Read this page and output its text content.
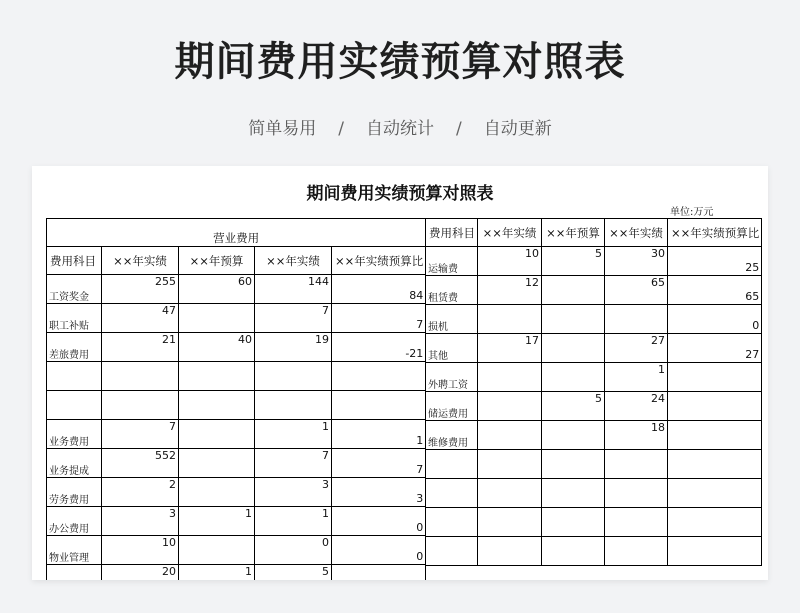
期间费用实绩预算对照表
简单易用 / 自动统计 / 自动更新
期间费用实绩预算对照表
单位:万元
营业费用				
费用科目	××年实绩	××年预算	××年实绩	××年实绩预算比
工资奖金	255	60	144	84
职工补贴	47		7	7
差旅费用	21	40	19	-21

业务费用	7		1	1
业务提成	552		7	7
劳务费用	2		3	3
办公费用	3	1	1	0
物业管理	10		0	0
	20	1	5	
费用科目	××年实绩	××年预算	××年实绩	××年实绩预算比
运输费	10	5	30	25
租赁费	12		65	65
损机				0
其他	17		27	27
外聘工资			1	
储运费用		5	24	
维修费用			18	
